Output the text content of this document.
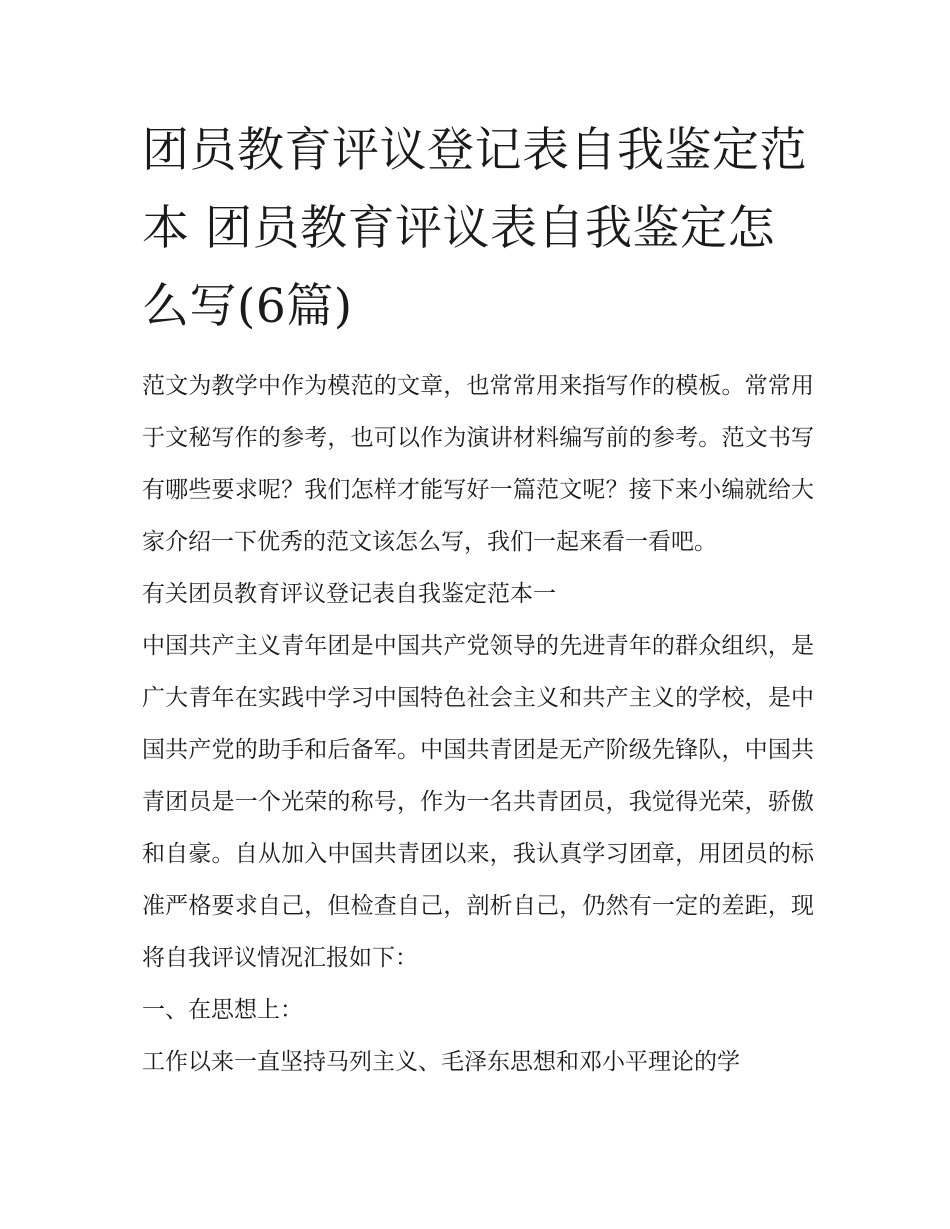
团员教育评议登记表自我鉴定范本 团员教育评议表自我鉴定怎么写(6篇)

范文为教学中作为模范的文章，也常常用来指写作的模板。常常用于文秘写作的参考，也可以作为演讲材料编写前的参考。范文书写有哪些要求呢？我们怎样才能写好一篇范文呢？接下来小编就给大家介绍一下优秀的范文该怎么写，我们一起来看一看吧。

有关团员教育评议登记表自我鉴定范本一

中国共产主义青年团是中国共产党领导的先进青年的群众组织，是广大青年在实践中学习中国特色社会主义和共产主义的学校，是中国共产党的助手和后备军。中国共青团是无产阶级先锋队，中国共青团员是一个光荣的称号，作为一名共青团员，我觉得光荣，骄傲和自豪。自从加入中国共青团以来，我认真学习团章，用团员的标准严格要求自己，但检查自己，剖析自己，仍然有一定的差距，现将自我评议情况汇报如下：

一、在思想上：

工作以来一直坚持马列主义、毛泽东思想和邓小平理论的学
